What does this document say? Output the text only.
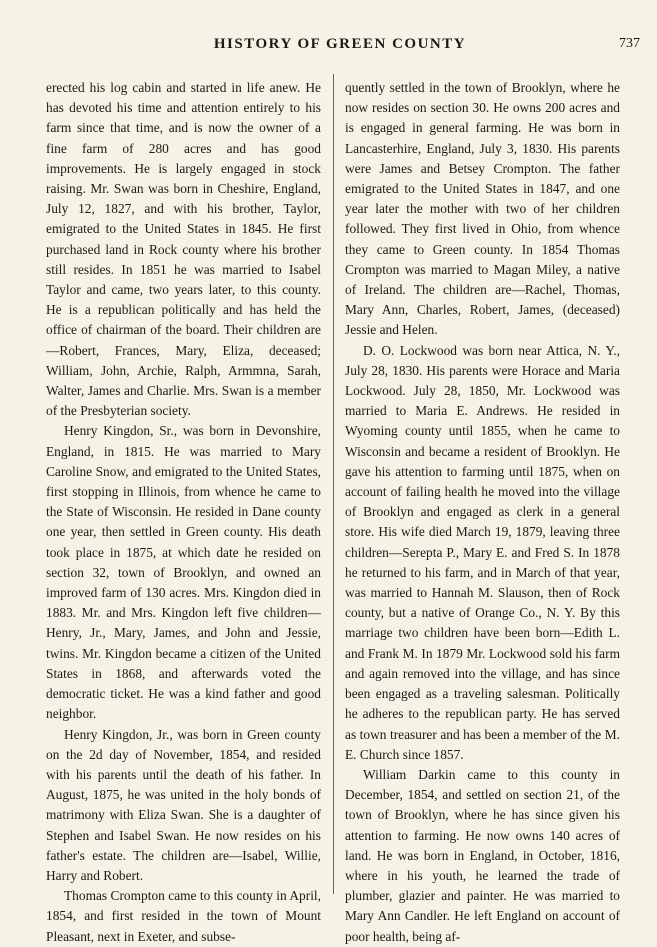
HISTORY OF GREEN COUNTY	737

erected his log cabin and started in life anew. He has devoted his time and attention entirely to his farm since that time, and is now the owner of a fine farm of 280 acres and has good improvements. He is largely engaged in stock raising. Mr. Swan was born in Cheshire, England, July 12, 1827, and with his brother, Taylor, emigrated to the United States in 1845. He first purchased land in Rock county where his brother still resides. In 1851 he was married to Isabel Taylor and came, two years later, to this county. He is a republican politically and has held the office of chairman of the board. Their children are—Robert, Frances, Mary, Eliza, deceased; William, John, Archie, Ralph, Armmna, Sarah, Walter, James and Charlie. Mrs. Swan is a member of the Presbyterian society.

Henry Kingdon, Sr., was born in Devonshire, England, in 1815. He was married to Mary Caroline Snow, and emigrated to the United States, first stopping in Illinois, from whence he came to the State of Wisconsin. He resided in Dane county one year, then settled in Green county. His death took place in 1875, at which date he resided on section 32, town of Brooklyn, and owned an improved farm of 130 acres. Mrs. Kingdon died in 1883. Mr. and Mrs. Kingdon left five children—Henry, Jr., Mary, James, and John and Jessie, twins. Mr. Kingdon became a citizen of the United States in 1868, and afterwards voted the democratic ticket. He was a kind father and good neighbor.

Henry Kingdon, Jr., was born in Green county on the 2d day of November, 1854, and resided with his parents until the death of his father. In August, 1875, he was united in the holy bonds of matrimony with Eliza Swan. She is a daughter of Stephen and Isabel Swan. He now resides on his father's estate. The children are—Isabel, Willie, Harry and Robert.

Thomas Crompton came to this county in April, 1854, and first resided in the town of Mount Pleasant, next in Exeter, and subse-

quently settled in the town of Brooklyn, where he now resides on section 30. He owns 200 acres and is engaged in general farming. He was born in Lancasterhire, England, July 3, 1830. His parents were James and Betsey Crompton. The father emigrated to the United States in 1847, and one year later the mother with two of her children followed. They first lived in Ohio, from whence they came to Green county. In 1854 Thomas Crompton was married to Magan Miley, a native of Ireland. The children are—Rachel, Thomas, Mary Ann, Charles, Robert, James, (deceased) Jessie and Helen.

D. O. Lockwood was born near Attica, N. Y., July 28, 1830. His parents were Horace and Maria Lockwood. July 28, 1850, Mr. Lockwood was married to Maria E. Andrews. He resided in Wyoming county until 1855, when he came to Wisconsin and became a resident of Brooklyn. He gave his attention to farming until 1875, when on account of failing health he moved into the village of Brooklyn and engaged as clerk in a general store. His wife died March 19, 1879, leaving three children—Serepta P., Mary E. and Fred S. In 1878 he returned to his farm, and in March of that year, was married to Hannah M. Slauson, then of Rock county, but a native of Orange Co., N. Y. By this marriage two children have been born—Edith L. and Frank M. In 1879 Mr. Lockwood sold his farm and again removed into the village, and has since been engaged as a traveling salesman. Politically he adheres to the republican party. He has served as town treasurer and has been a member of the M. E. Church since 1857.

William Darkin came to this county in December, 1854, and settled on section 21, of the town of Brooklyn, where he has since given his attention to farming. He now owns 140 acres of land. He was born in England, in October, 1816, where in his youth, he learned the trade of plumber, glazier and painter. He was married to Mary Ann Candler. He left England on account of poor health, being af-
